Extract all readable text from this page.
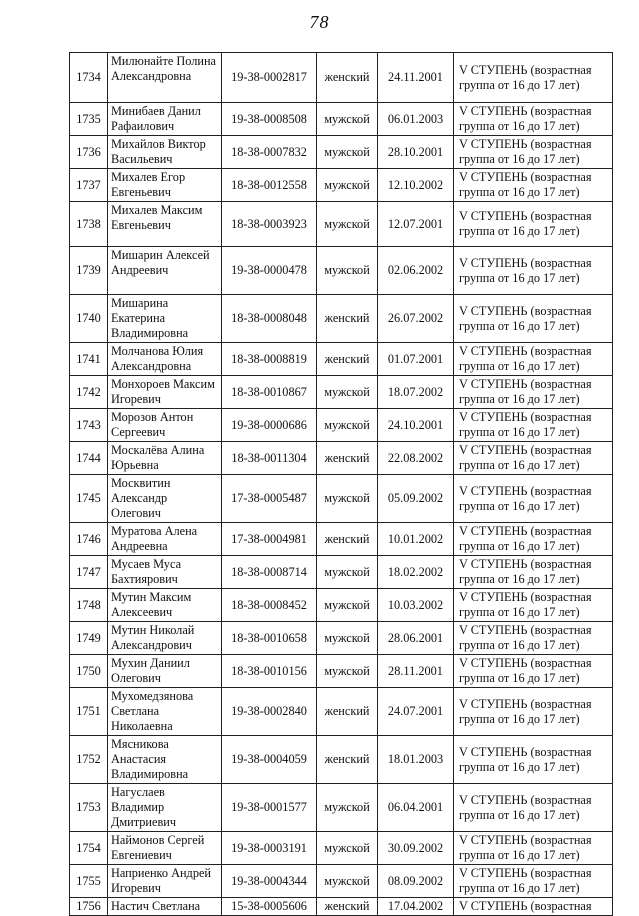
78
1734	Милюнайте Полина Александровна	19-38-0002817	женский	24.11.2001	V СТУПЕНЬ (возрастная группа от 16 до 17 лет)
1735	Минибаев Данил Рафаилович	19-38-0008508	мужской	06.01.2003	V СТУПЕНЬ (возрастная группа от 16 до 17 лет)
1736	Михайлов Виктор Васильевич	18-38-0007832	мужской	28.10.2001	V СТУПЕНЬ (возрастная группа от 16 до 17 лет)
1737	Михалев Егор Евгеньевич	18-38-0012558	мужской	12.10.2002	V СТУПЕНЬ (возрастная группа от 16 до 17 лет)
1738	Михалев Максим Евгеньевич	18-38-0003923	мужской	12.07.2001	V СТУПЕНЬ (возрастная группа от 16 до 17 лет)
1739	Мишарин Алексей Андреевич	19-38-0000478	мужской	02.06.2002	V СТУПЕНЬ (возрастная группа от 16 до 17 лет)
1740	Мишарина Екатерина Владимировна	18-38-0008048	женский	26.07.2002	V СТУПЕНЬ (возрастная группа от 16 до 17 лет)
1741	Молчанова Юлия Александровна	18-38-0008819	женский	01.07.2001	V СТУПЕНЬ (возрастная группа от 16 до 17 лет)
1742	Монхороев Максим Игоревич	18-38-0010867	мужской	18.07.2002	V СТУПЕНЬ (возрастная группа от 16 до 17 лет)
1743	Морозов Антон Сергеевич	19-38-0000686	мужской	24.10.2001	V СТУПЕНЬ (возрастная группа от 16 до 17 лет)
1744	Москалёва Алина Юрьевна	18-38-0011304	женский	22.08.2002	V СТУПЕНЬ (возрастная группа от 16 до 17 лет)
1745	Москвитин Александр Олегович	17-38-0005487	мужской	05.09.2002	V СТУПЕНЬ (возрастная группа от 16 до 17 лет)
1746	Муратова Алена Андреевна	17-38-0004981	женский	10.01.2002	V СТУПЕНЬ (возрастная группа от 16 до 17 лет)
1747	Мусаев Муса Бахтиярович	18-38-0008714	мужской	18.02.2002	V СТУПЕНЬ (возрастная группа от 16 до 17 лет)
1748	Мутин Максим Алексеевич	18-38-0008452	мужской	10.03.2002	V СТУПЕНЬ (возрастная группа от 16 до 17 лет)
1749	Мутин Николай Александрович	18-38-0010658	мужской	28.06.2001	V СТУПЕНЬ (возрастная группа от 16 до 17 лет)
1750	Мухин Даниил Олегович	18-38-0010156	мужской	28.11.2001	V СТУПЕНЬ (возрастная группа от 16 до 17 лет)
1751	Мухомедзянова Светлана Николаевна	19-38-0002840	женский	24.07.2001	V СТУПЕНЬ (возрастная группа от 16 до 17 лет)
1752	Мясникова Анастасия Владимировна	19-38-0004059	женский	18.01.2003	V СТУПЕНЬ (возрастная группа от 16 до 17 лет)
1753	Нагуслаев Владимир Дмитриевич	19-38-0001577	мужской	06.04.2001	V СТУПЕНЬ (возрастная группа от 16 до 17 лет)
1754	Наймонов Сергей Евгениевич	19-38-0003191	мужской	30.09.2002	V СТУПЕНЬ (возрастная группа от 16 до 17 лет)
1755	Наприенко Андрей Игоревич	19-38-0004344	мужской	08.09.2002	V СТУПЕНЬ (возрастная группа от 16 до 17 лет)
1756	Настич Светлана	15-38-0005606	женский	17.04.2002	V СТУПЕНЬ (возрастная
